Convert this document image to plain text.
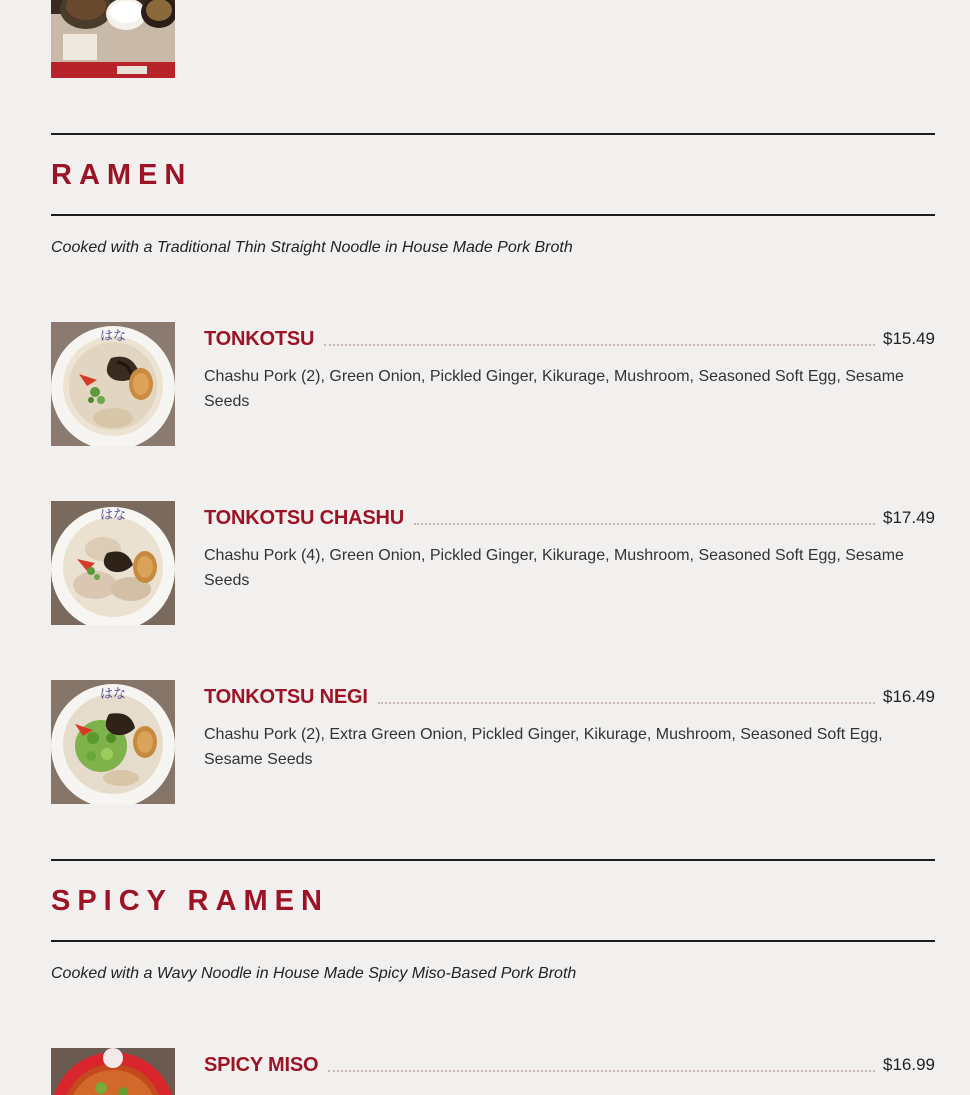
RAMEN
Cooked with a Traditional Thin Straight Noodle in House Made Pork Broth
はな	TONKOTSU	$15.49
Chashu Pork (2), Green Onion, Pickled Ginger, Kikurage, Mushroom, Seasoned Soft Egg, Sesame Seeds
はな	TONKOTSU CHASHU	$17.49
Chashu Pork (4), Green Onion, Pickled Ginger, Kikurage, Mushroom, Seasoned Soft Egg, Sesame Seeds
はな	TONKOTSU NEGI	$16.49
Chashu Pork (2), Extra Green Onion, Pickled Ginger, Kikurage, Mushroom, Seasoned Soft Egg, Sesame Seeds
SPICY RAMEN
Cooked with a Wavy Noodle in House Made Spicy Miso-Based Pork Broth
SPICY MISO	$16.99
